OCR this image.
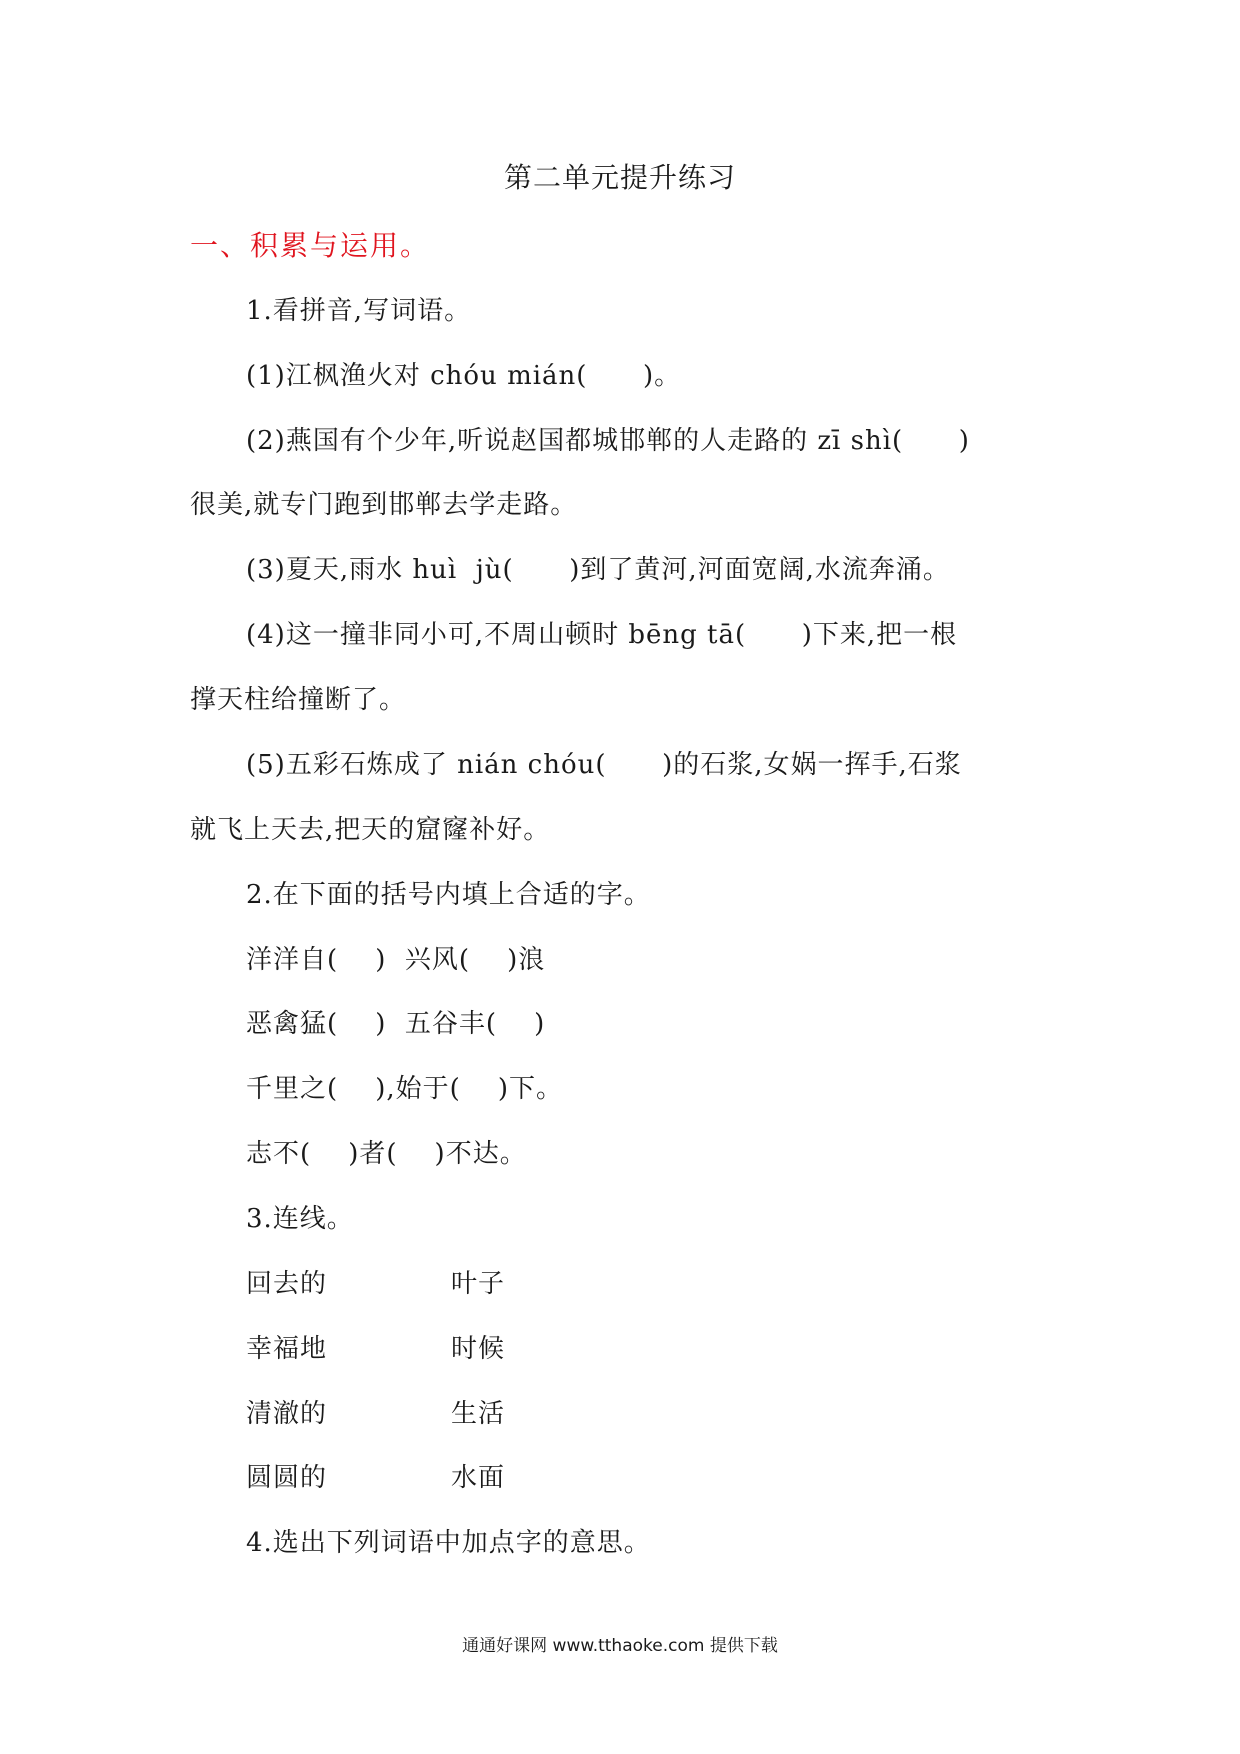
第二单元提升练习
一、积累与运用。
1.看拼音,写词语。
(1)江枫渔火对 chóu mián(      )。
(2)燕国有个少年,听说赵国都城邯郸的人走路的 zī shì(      )
很美,就专门跑到邯郸去学走路。
(3)夏天,雨水 huì  jù(      )到了黄河,河面宽阔,水流奔涌。
(4)这一撞非同小可,不周山顿时 bēng tā(      )下来,把一根
撑天柱给撞断了。
(5)五彩石炼成了 nián chóu(      )的石浆,女娲一挥手,石浆
就飞上天去,把天的窟窿补好。
2.在下面的括号内填上合适的字。
洋洋自(    )  兴风(    )浪
恶禽猛(    )  五谷丰(    )
千里之(    ),始于(    )下。
志不(    )者(    )不达。
3.连线。
回去的	叶子
幸福地	时候
清澈的	生活
圆圆的	水面
4.选出下列词语中加点字的意思。
通通好课网 www.tthaoke.com 提供下载
